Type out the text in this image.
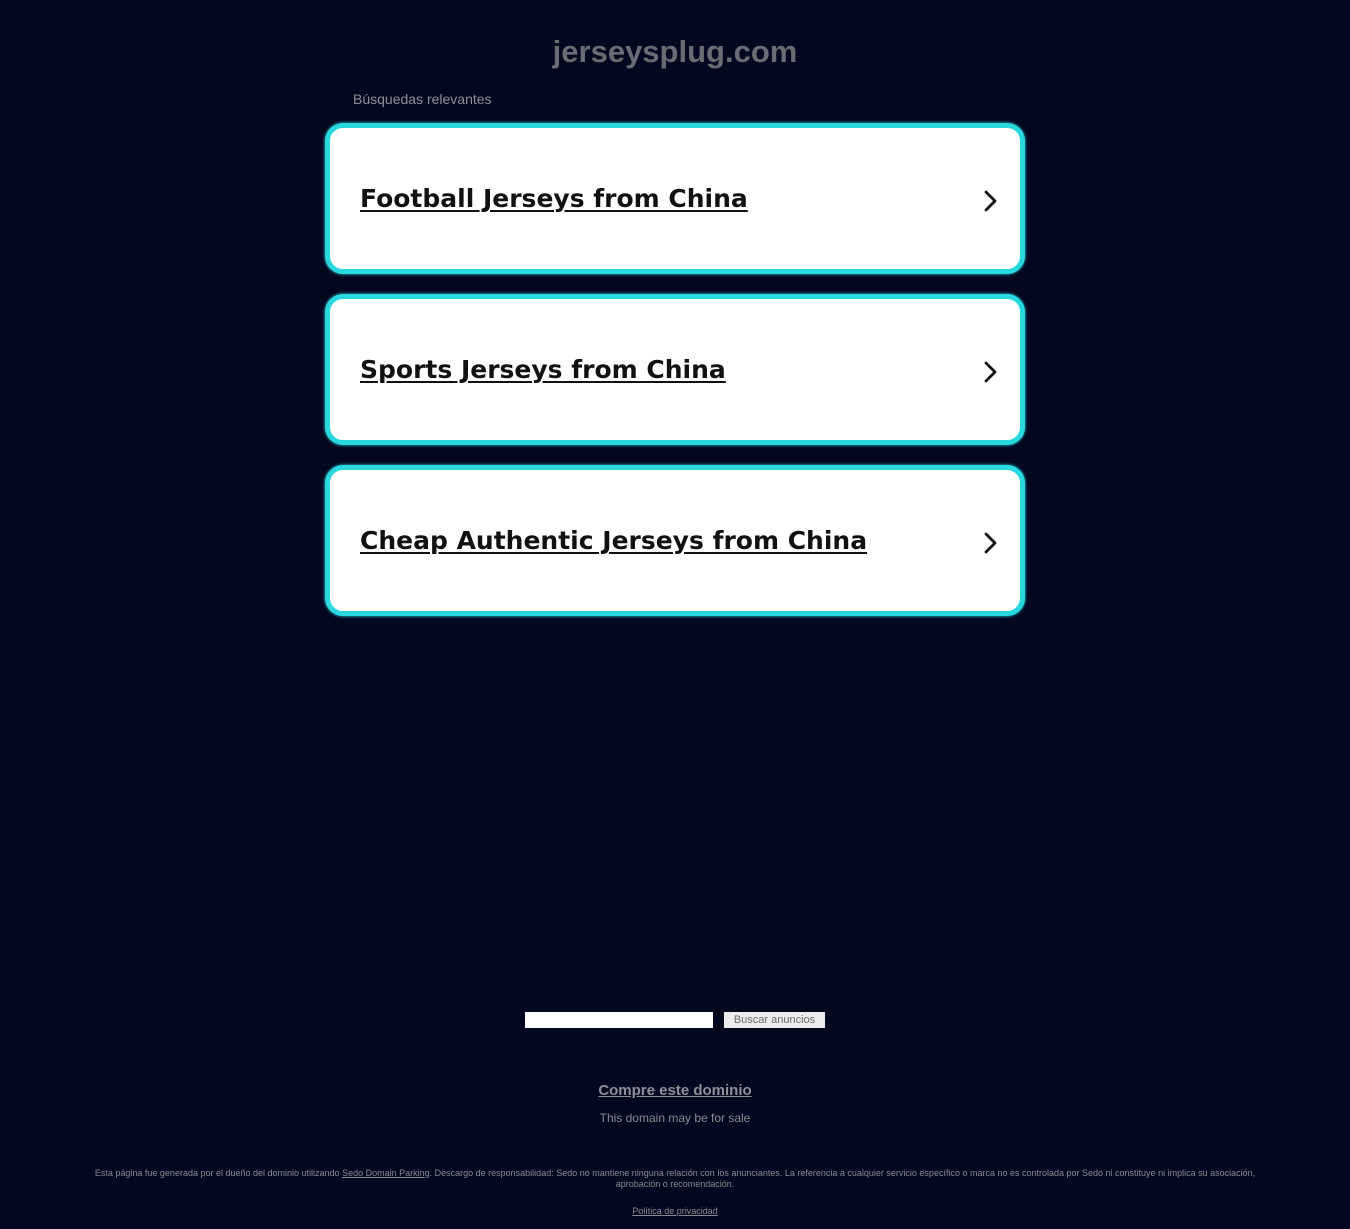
jerseysplug.com
Búsquedas relevantes
Football Jerseys from China
Sports Jerseys from China
Cheap Authentic Jerseys from China
Buscar anuncios
Compre este dominio
This domain may be for sale
Esta página fue generada por el dueño del dominio utilizando Sedo Domain Parking. Descargo de responsabilidad: Sedo no mantiene ninguna relación con los anunciantes. La referencia a cualquier servicio específico o marca no es controlada por Sedo ni constituye ni implica su asociación, aprobación o recomendación.
Política de privacidad
